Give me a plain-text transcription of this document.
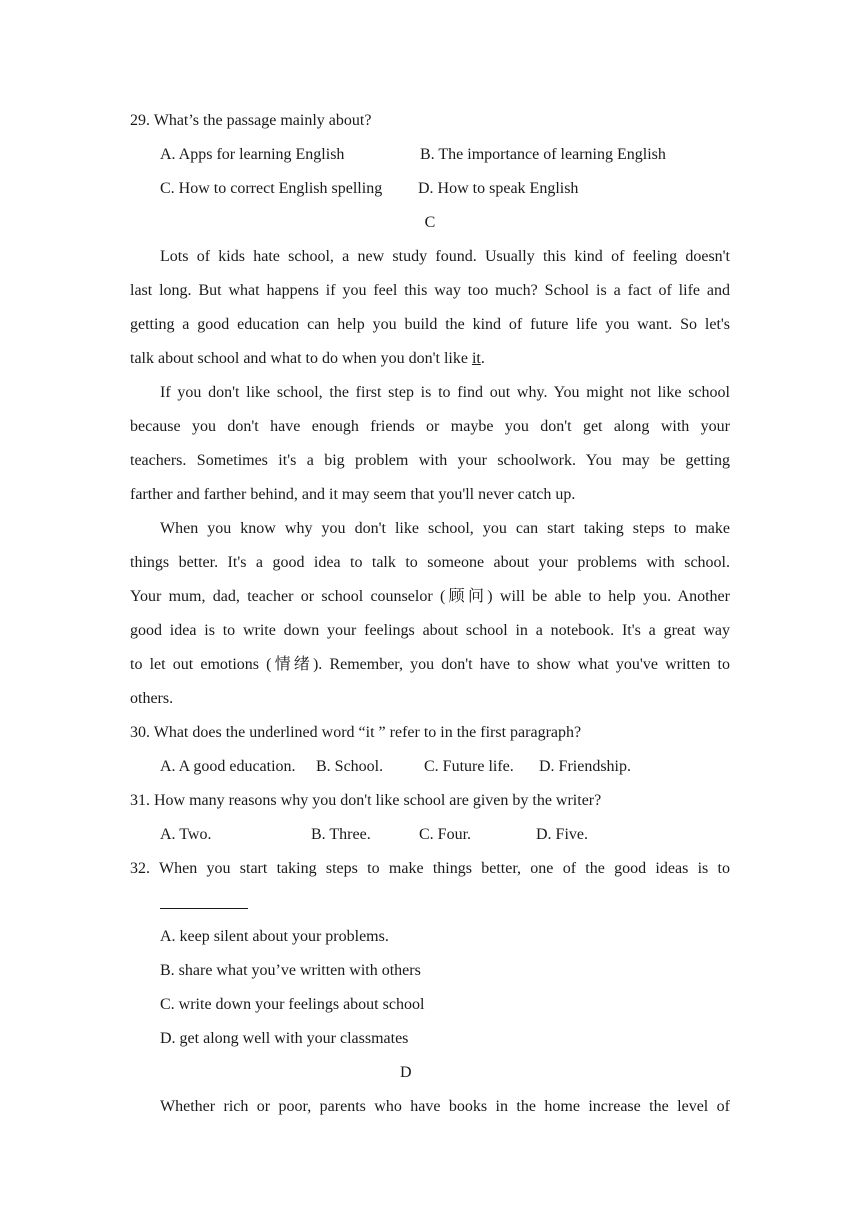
29. What’s the passage mainly about?
A. Apps for learning English	B. The importance of learning English
C. How to correct English spelling D. How to speak English
C
Lots of kids hate school, a new study found. Usually this kind of feeling doesn't
last long. But what happens if you feel this way too much? School is a fact of life and
getting a good education can help you build the kind of future life you want. So let's
talk about school and what to do when you don't like it.
If you don't like school, the first step is to find out why. You might not like school
because you don't have enough friends or maybe you don't get along with your
teachers. Sometimes it's a big problem with your schoolwork. You may be getting
farther and farther behind, and it may seem that you'll never catch up.
When you know why you don't like school, you can start taking steps to make
things better. It's a good idea to talk to someone about your problems with school.
Your mum, dad, teacher or school counselor (顾问) will be able to help you. Another
good idea is to write down your feelings about school in a notebook. It's a great way
to let out emotions (情绪). Remember, you don't have to show what you've written to
others.
30. What does the underlined word “it ” refer to in the first paragraph?
A. A good education. B. School.	C. Future life. D. Friendship.
31. How many reasons why you don't like school are given by the writer?
A. Two.	B. Three.	C. Four.	D. Five.
32. When you start taking steps to make things better, one of the good ideas is to
A. keep silent about your problems.
B. share what you’ve written with others
C. write down your feelings about school
D. get along well with your classmates
D
Whether rich or poor, parents who have books in the home increase the level of
